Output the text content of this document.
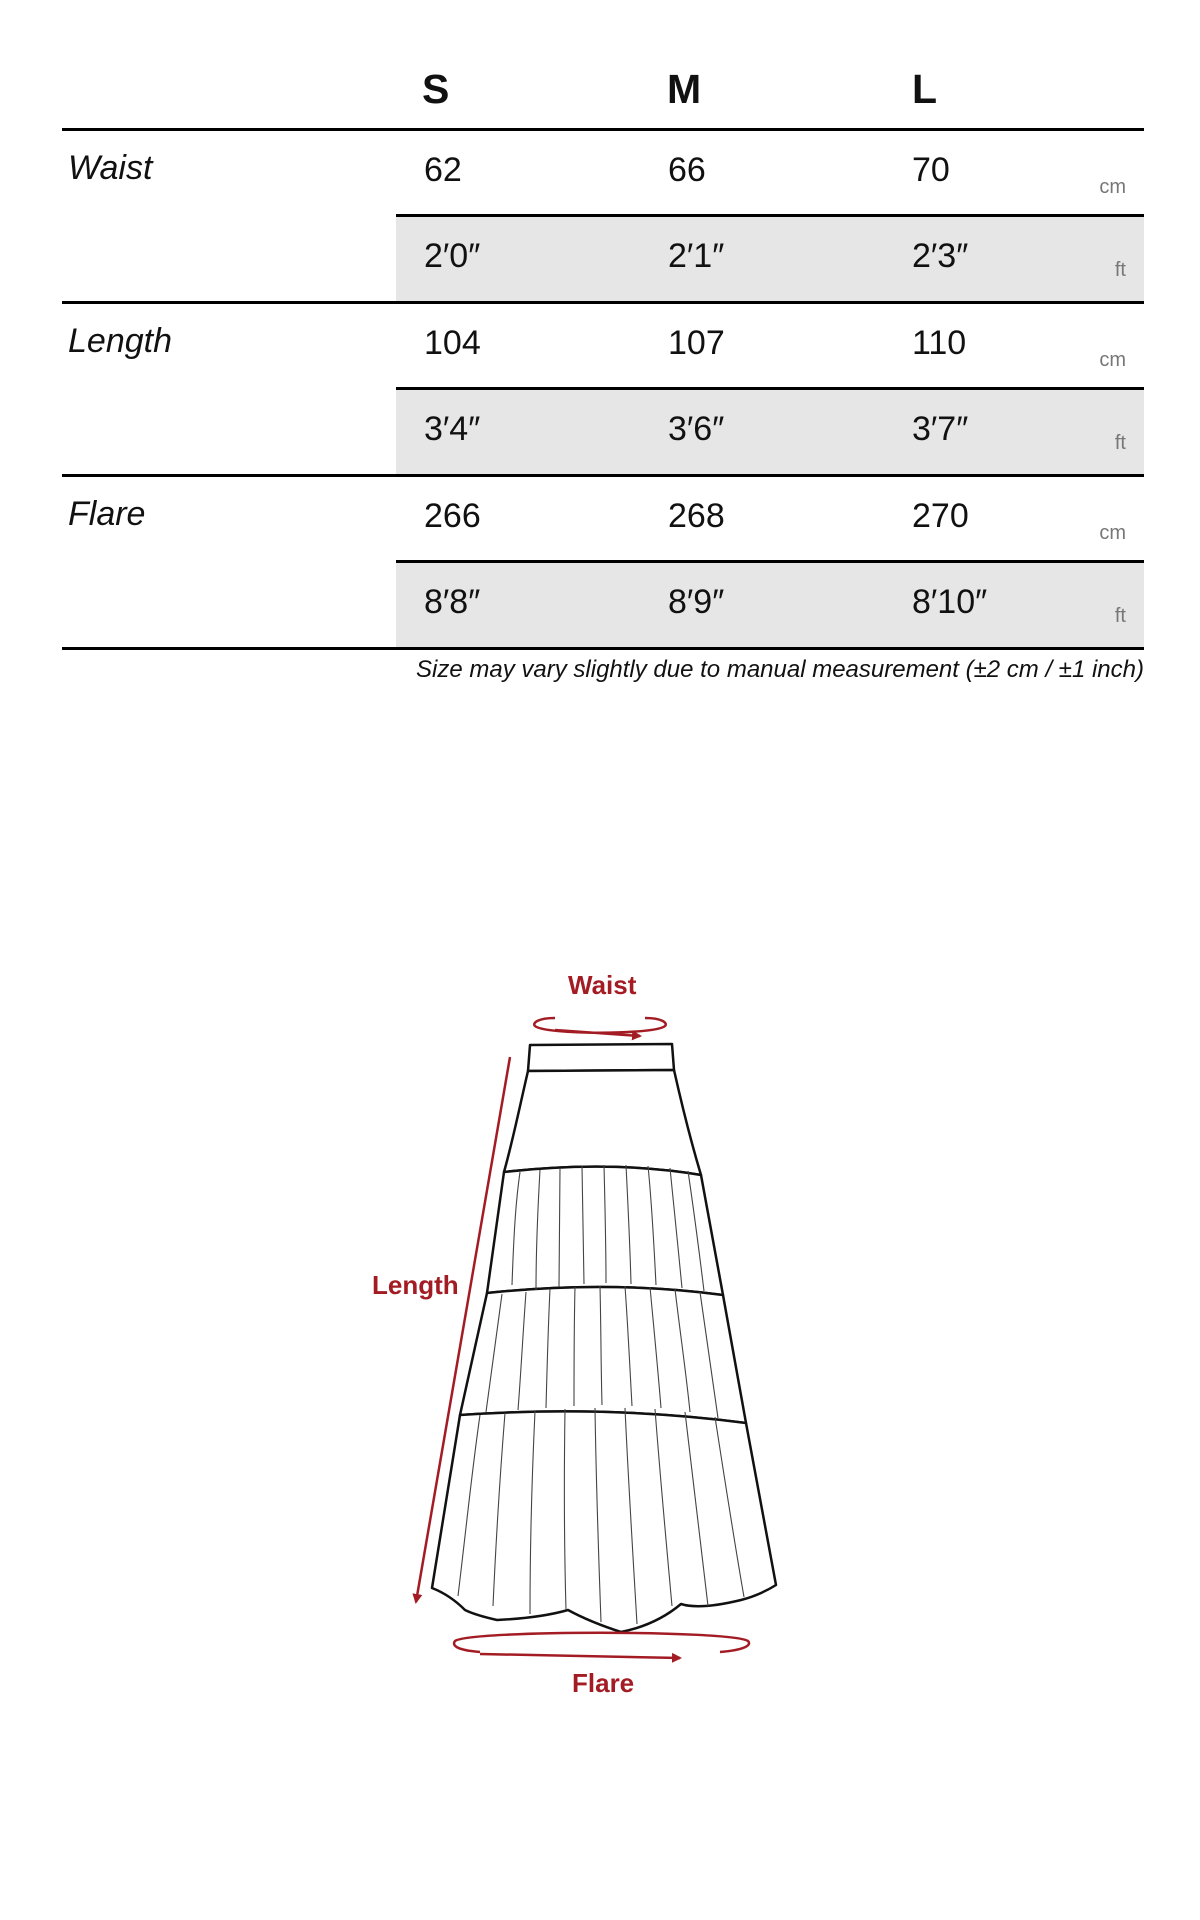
S	M	L
Waist	62	66	70	cm
2′0″	2′1″	2′3″	ft
Length	104	107	110	cm
3′4″	3′6″	3′7″	ft
Flare	266	268	270	cm
8′8″	8′9″	8′10″	ft
Size may vary slightly due to manual measurement (±2 cm / ±1 inch)
Waist
Length
Flare
